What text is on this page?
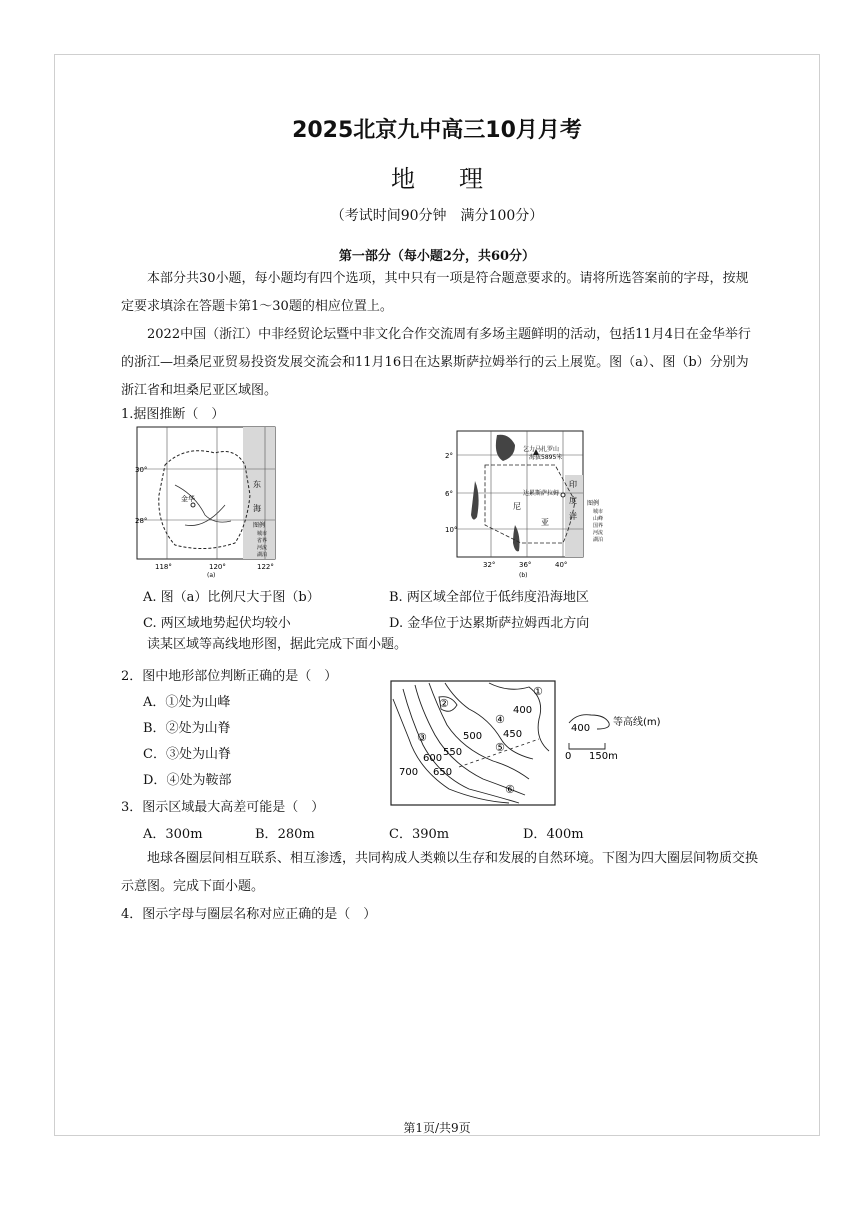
2025北京九中高三10月月考
地理
（考试时间90分钟　满分100分）
第一部分（每小题2分，共60分）
本部分共30小题，每小题均有四个选项，其中只有一项是符合题意要求的。请将所选答案前的字母，按规定要求填涂在答题卡第1～30题的相应位置上。
2022中国（浙江）中非经贸论坛暨中非文化合作交流周有多场主题鲜明的活动，包括11月4日在金华举行的浙江—坦桑尼亚贸易投资发展交流会和11月16日在达累斯萨拉姆举行的云上展览。图（a）、图（b）分别为浙江省和坦桑尼亚区域图。
1.据图推断（　）
金华
东
海
图例
城市
省界
河流
湖泊
30°
28°
118°	120°	122°
(a)
乞力马扎罗山
海拔5895米
达累斯萨拉姆
印
度
洋
尼
亚
图例
城市
山峰
国界
河流
湖泊
2°
6°
10°
32°	36°	40°
(b)
A. 图（a）比例尺大于图（b）	B. 两区域全部位于低纬度沿海地区
C. 两区域地势起伏均较小	D. 金华位于达累斯萨拉姆西北方向
读某区域等高线地形图，据此完成下面小题。
2．图中地形部位判断正确的是（　）
A．①处为山峰
B．②处为山脊
C．③处为山脊
D．④处为鞍部
400
450
500
550
600
650
700
①
②
③
④
⑤
⑥
400
等高线(m)
0 150m
3．图示区域最大高差可能是（　）
A．300m	B．280m	C．390m	D．400m
地球各圈层间相互联系、相互渗透，共同构成人类赖以生存和发展的自然环境。下图为四大圈层间物质交换示意图。完成下面小题。
4．图示字母与圈层名称对应正确的是（　）
第1页/共9页
